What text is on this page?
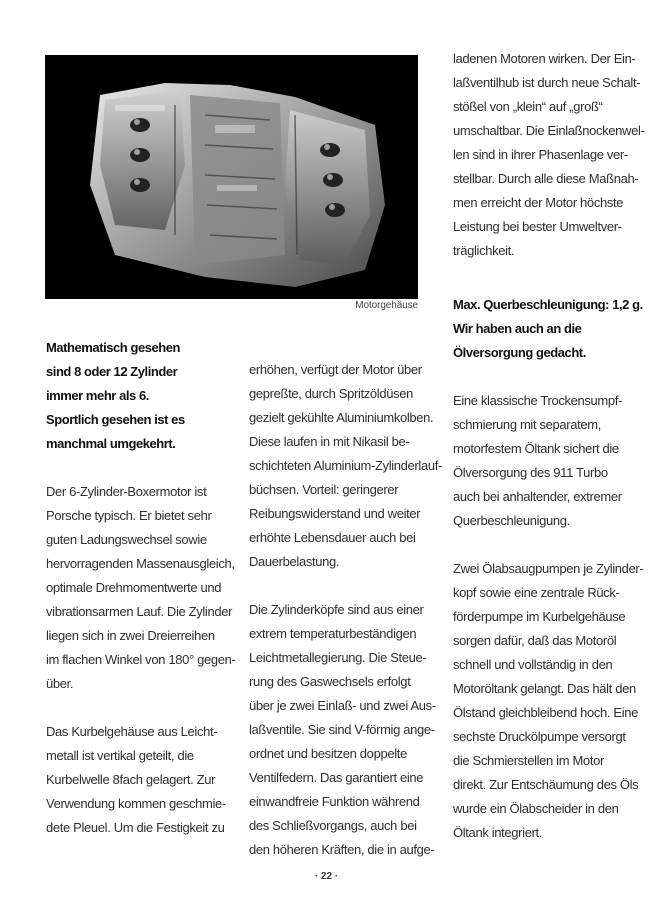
Motorgehäuse

Mathematisch gesehen

sind 8 oder 12 Zylinder

immer mehr als 6.

Sportlich gesehen ist es

manchmal umgekehrt.

Der 6-Zylinder-Boxermotor ist

Porsche typisch. Er bietet sehr

guten Ladungswechsel sowie

hervorragenden Massenausgleich,

optimale Drehmomentwerte und

vibrationsarmen Lauf. Die Zylinder

liegen sich in zwei Dreierreihen

im flachen Winkel von 180° gegen-

über.

Das Kurbelgehäuse aus Leicht-

metall ist vertikal geteilt, die

Kurbelwelle 8fach gelagert. Zur

Verwendung kommen geschmie-

dete Pleuel. Um die Festigkeit zu

erhöhen, verfügt der Motor über

gepreßte, durch Spritzöldüsen

gezielt gekühlte Aluminiumkolben.

Diese laufen in mit Nikasil be-

schichteten Aluminium-Zylinderlauf-

büchsen. Vorteil: geringerer

Reibungswiderstand und weiter

erhöhte Lebensdauer auch bei

Dauerbelastung.

Die Zylinderköpfe sind aus einer

extrem temperaturbeständigen

Leichtmetallegierung. Die Steue-

rung des Gaswechsels erfolgt

über je zwei Einlaß- und zwei Aus-

laßventile. Sie sind V-förmig ange-

ordnet und besitzen doppelte

Ventilfedern. Das garantiert eine

einwandfreie Funktion während

des Schließvorgangs, auch bei

den höheren Kräften, die in aufge-

ladenen Motoren wirken. Der Ein-

laßventilhub ist durch neue Schalt-

stößel von „klein“ auf „groß“

umschaltbar. Die Einlaßnockenwel-

len sind in ihrer Phasenlage ver-

stellbar. Durch alle diese Maßnah-

men erreicht der Motor höchste

Leistung bei bester Umweltver-

träglichkeit.

Max. Querbeschleunigung: 1,2 g.

Wir haben auch an die

Ölversorgung gedacht.

Eine klassische Trockensumpf-

schmierung mit separatem,

motorfestem Öltank sichert die

Ölversorgung des 911 Turbo

auch bei anhaltender, extremer

Querbeschleunigung.

Zwei Ölabsaugpumpen je Zylinder-

kopf sowie eine zentrale Rück-

förderpumpe im Kurbelgehäuse

sorgen dafür, daß das Motoröl

schnell und vollständig in den

Motoröltank gelangt. Das hält den

Ölstand gleichbleibend hoch. Eine

sechste Druckölpumpe versorgt

die Schmierstellen im Motor

direkt. Zur Entschäumung des Öls

wurde ein Ölabscheider in den

Öltank integriert.

· 22 ·
